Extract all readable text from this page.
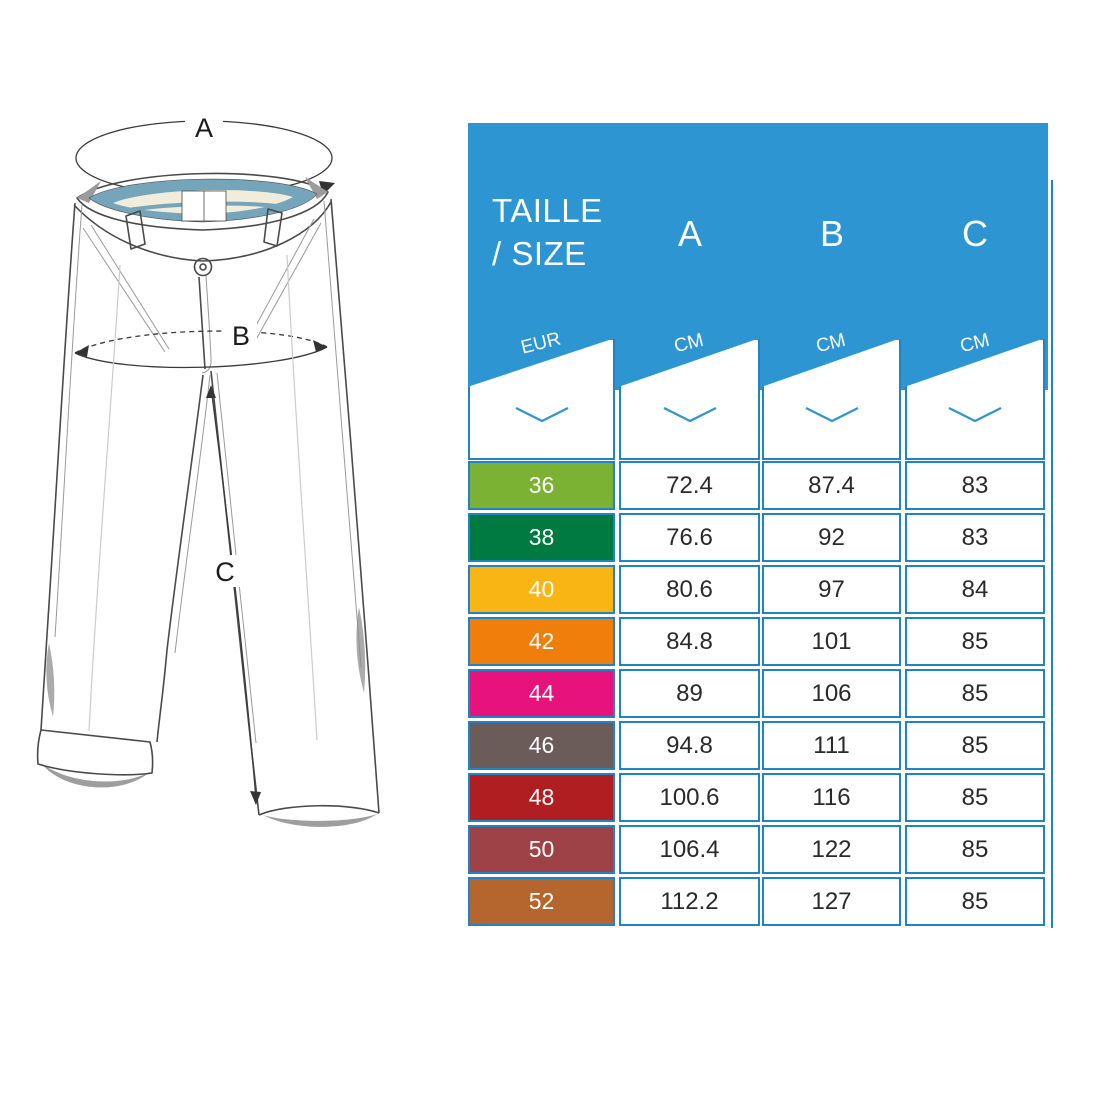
A
B
C
TAILLE
/ SIZE	A	B	C
EUR	CM	CM	CM
36	72.4	87.4	83
38	76.6	92	83
40	80.6	97	84
42	84.8	101	85
44	89	106	85
46	94.8	111	85
48	100.6	116	85
50	106.4	122	85
52	112.2	127	85
